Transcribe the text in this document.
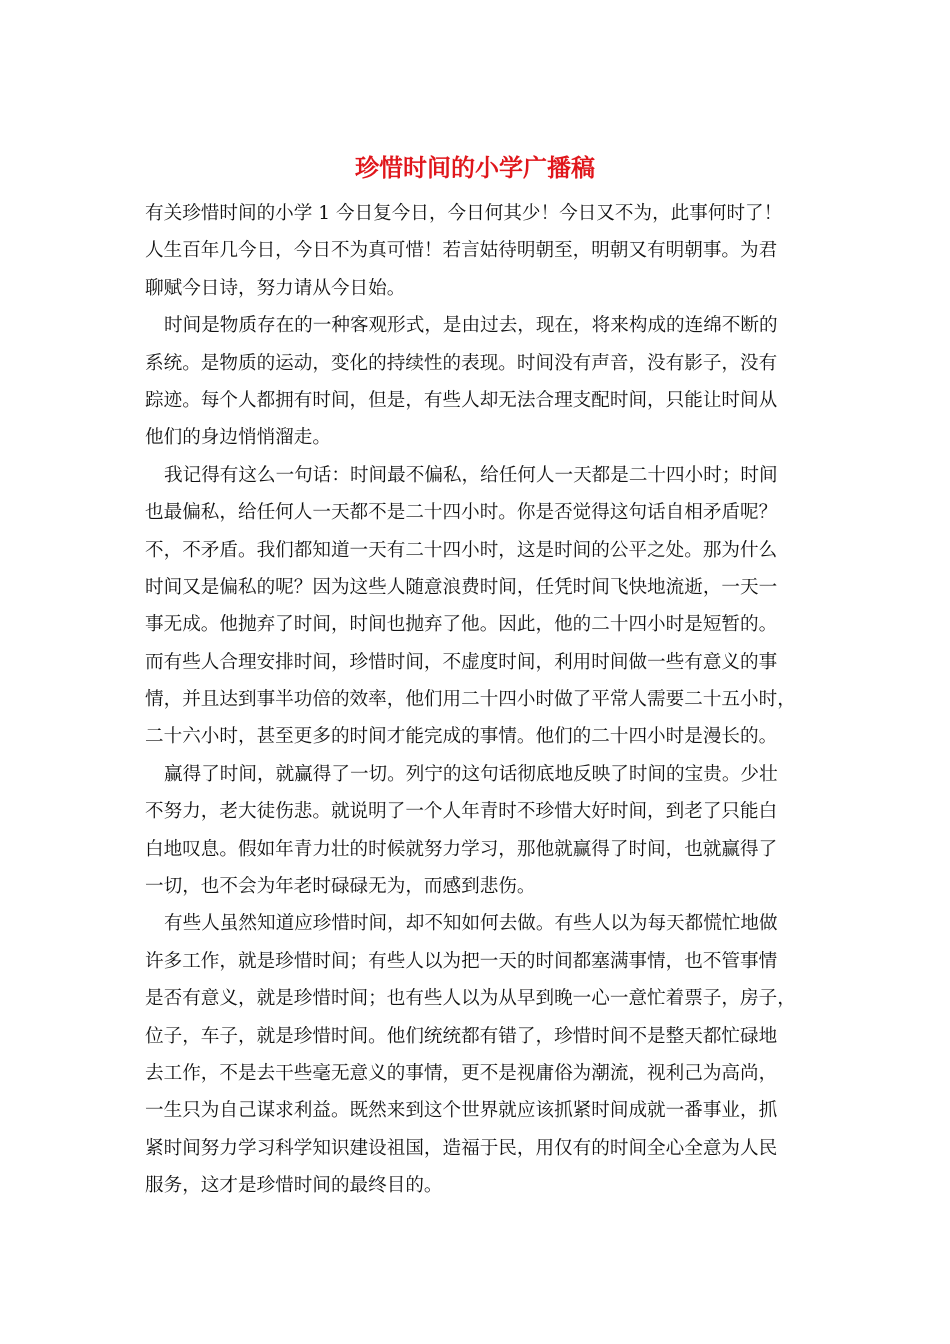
珍惜时间的小学广播稿
有关珍惜时间的小学 1 今日复今日，今日何其少！今日又不为，此事何时了！
人生百年几今日，今日不为真可惜！若言姑待明朝至，明朝又有明朝事。为君
聊赋今日诗，努力请从今日始。
时间是物质存在的一种客观形式，是由过去，现在，将来构成的连绵不断的
系统。是物质的运动，变化的持续性的表现。时间没有声音，没有影子，没有
踪迹。每个人都拥有时间，但是，有些人却无法合理支配时间，只能让时间从
他们的身边悄悄溜走。
我记得有这么一句话：时间最不偏私，给任何人一天都是二十四小时；时间
也最偏私，给任何人一天都不是二十四小时。你是否觉得这句话自相矛盾呢？
不，不矛盾。我们都知道一天有二十四小时，这是时间的公平之处。那为什么
时间又是偏私的呢？因为这些人随意浪费时间，任凭时间飞快地流逝，一天一
事无成。他抛弃了时间，时间也抛弃了他。因此，他的二十四小时是短暂的。
而有些人合理安排时间，珍惜时间，不虚度时间，利用时间做一些有意义的事
情，并且达到事半功倍的效率，他们用二十四小时做了平常人需要二十五小时，
二十六小时，甚至更多的时间才能完成的事情。他们的二十四小时是漫长的。
赢得了时间，就赢得了一切。列宁的这句话彻底地反映了时间的宝贵。少壮
不努力，老大徒伤悲。就说明了一个人年青时不珍惜大好时间，到老了只能白
白地叹息。假如年青力壮的时候就努力学习，那他就赢得了时间，也就赢得了
一切，也不会为年老时碌碌无为，而感到悲伤。
有些人虽然知道应珍惜时间，却不知如何去做。有些人以为每天都慌忙地做
许多工作，就是珍惜时间；有些人以为把一天的时间都塞满事情，也不管事情
是否有意义，就是珍惜时间；也有些人以为从早到晚一心一意忙着票子，房子，
位子，车子，就是珍惜时间。他们统统都有错了，珍惜时间不是整天都忙碌地
去工作，不是去干些毫无意义的事情，更不是视庸俗为潮流，视利己为高尚，
一生只为自己谋求利益。既然来到这个世界就应该抓紧时间成就一番事业，抓
紧时间努力学习科学知识建设祖国，造福于民，用仅有的时间全心全意为人民
服务，这才是珍惜时间的最终目的。
